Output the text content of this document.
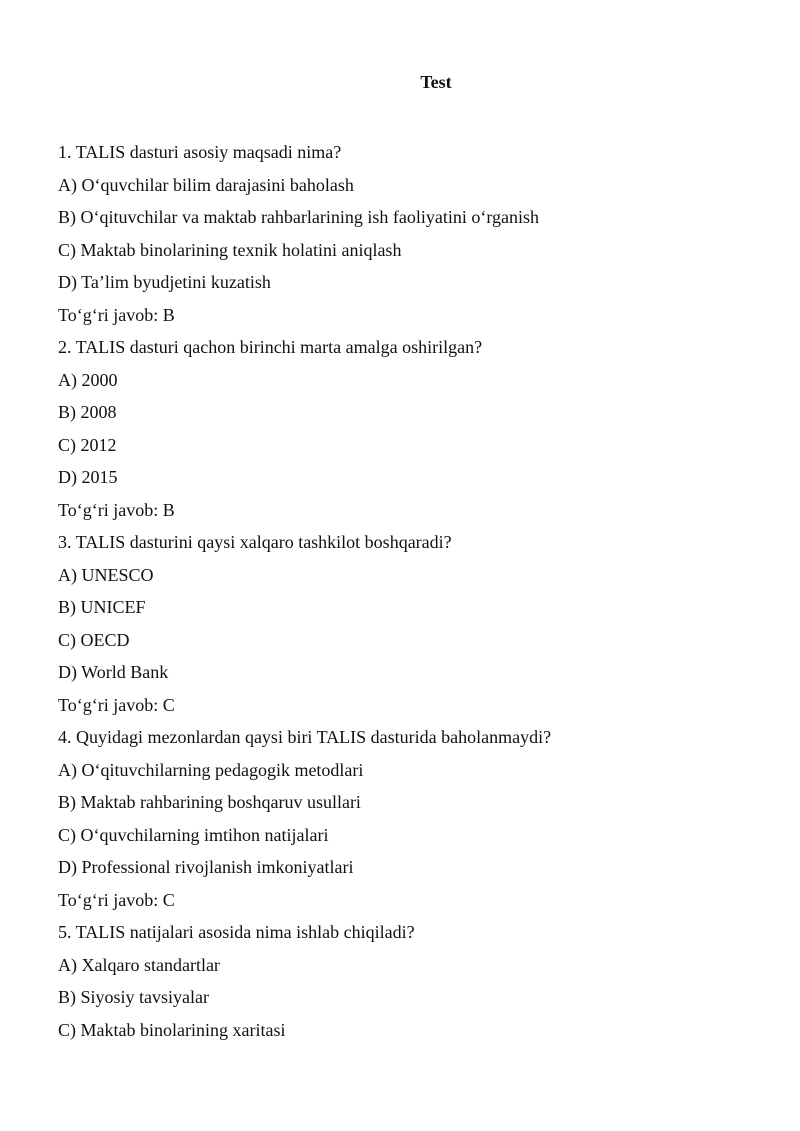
Test
1. TALIS dasturi asosiy maqsadi nima?
A) O‘quvchilar bilim darajasini baholash
B) O‘qituvchilar va maktab rahbarlarining ish faoliyatini o‘rganish
C) Maktab binolarining texnik holatini aniqlash
D) Ta’lim byudjetini kuzatish
To‘g‘ri javob: B
2. TALIS dasturi qachon birinchi marta amalga oshirilgan?
A) 2000
B) 2008
C) 2012
D) 2015
To‘g‘ri javob: B
3. TALIS dasturini qaysi xalqaro tashkilot boshqaradi?
A) UNESCO
B) UNICEF
C) OECD
D) World Bank
To‘g‘ri javob: C
4. Quyidagi mezonlardan qaysi biri TALIS dasturida baholanmaydi?
A) O‘qituvchilarning pedagogik metodlari
B) Maktab rahbarining boshqaruv usullari
C) O‘quvchilarning imtihon natijalari
D) Professional rivojlanish imkoniyatlari
To‘g‘ri javob: C
5. TALIS natijalari asosida nima ishlab chiqiladi?
A) Xalqaro standartlar
B) Siyosiy tavsiyalar
C) Maktab binolarining xaritasi
